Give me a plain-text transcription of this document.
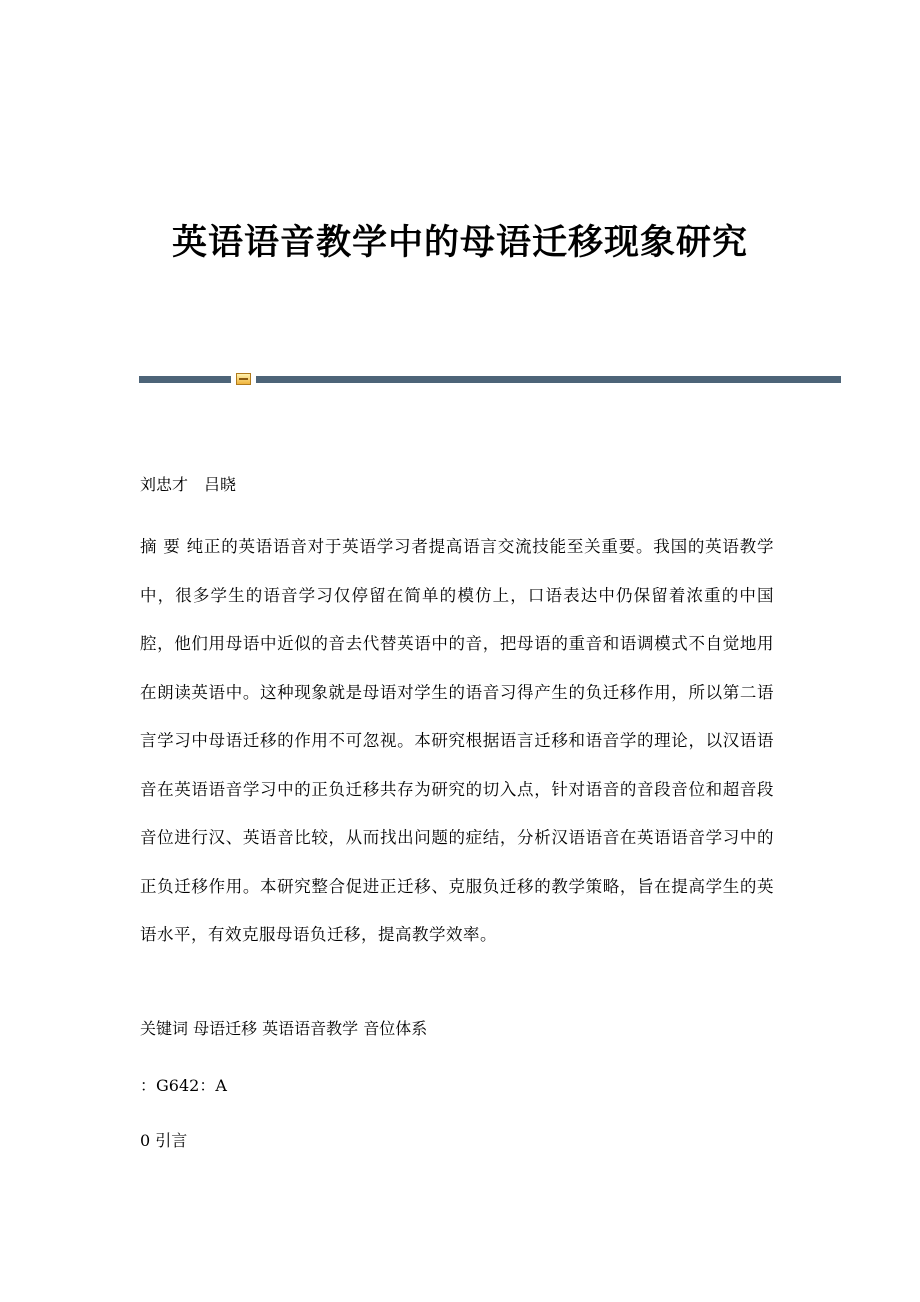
英语语音教学中的母语迁移现象研究
刘忠才　吕晓

摘 要 纯正的英语语音对于英语学习者提高语言交流技能至关重要。我国的英语教学中，很多学生的语音学习仅停留在简单的模仿上，口语表达中仍保留着浓重的中国腔，他们用母语中近似的音去代替英语中的音，把母语的重音和语调模式不自觉地用在朗读英语中。这种现象就是母语对学生的语音习得产生的负迁移作用，所以第二语言学习中母语迁移的作用不可忽视。本研究根据语言迁移和语音学的理论，以汉语语音在英语语音学习中的正负迁移共存为研究的切入点，针对语音的音段音位和超音段音位进行汉、英语音比较，从而找出问题的症结，分析汉语语音在英语语音学习中的正负迁移作用。本研究整合促进正迁移、克服负迁移的教学策略，旨在提高学生的英语水平，有效克服母语负迁移，提高教学效率。

关键词 母语迁移 英语语音教学 音位体系
：G642：A
0 引言
